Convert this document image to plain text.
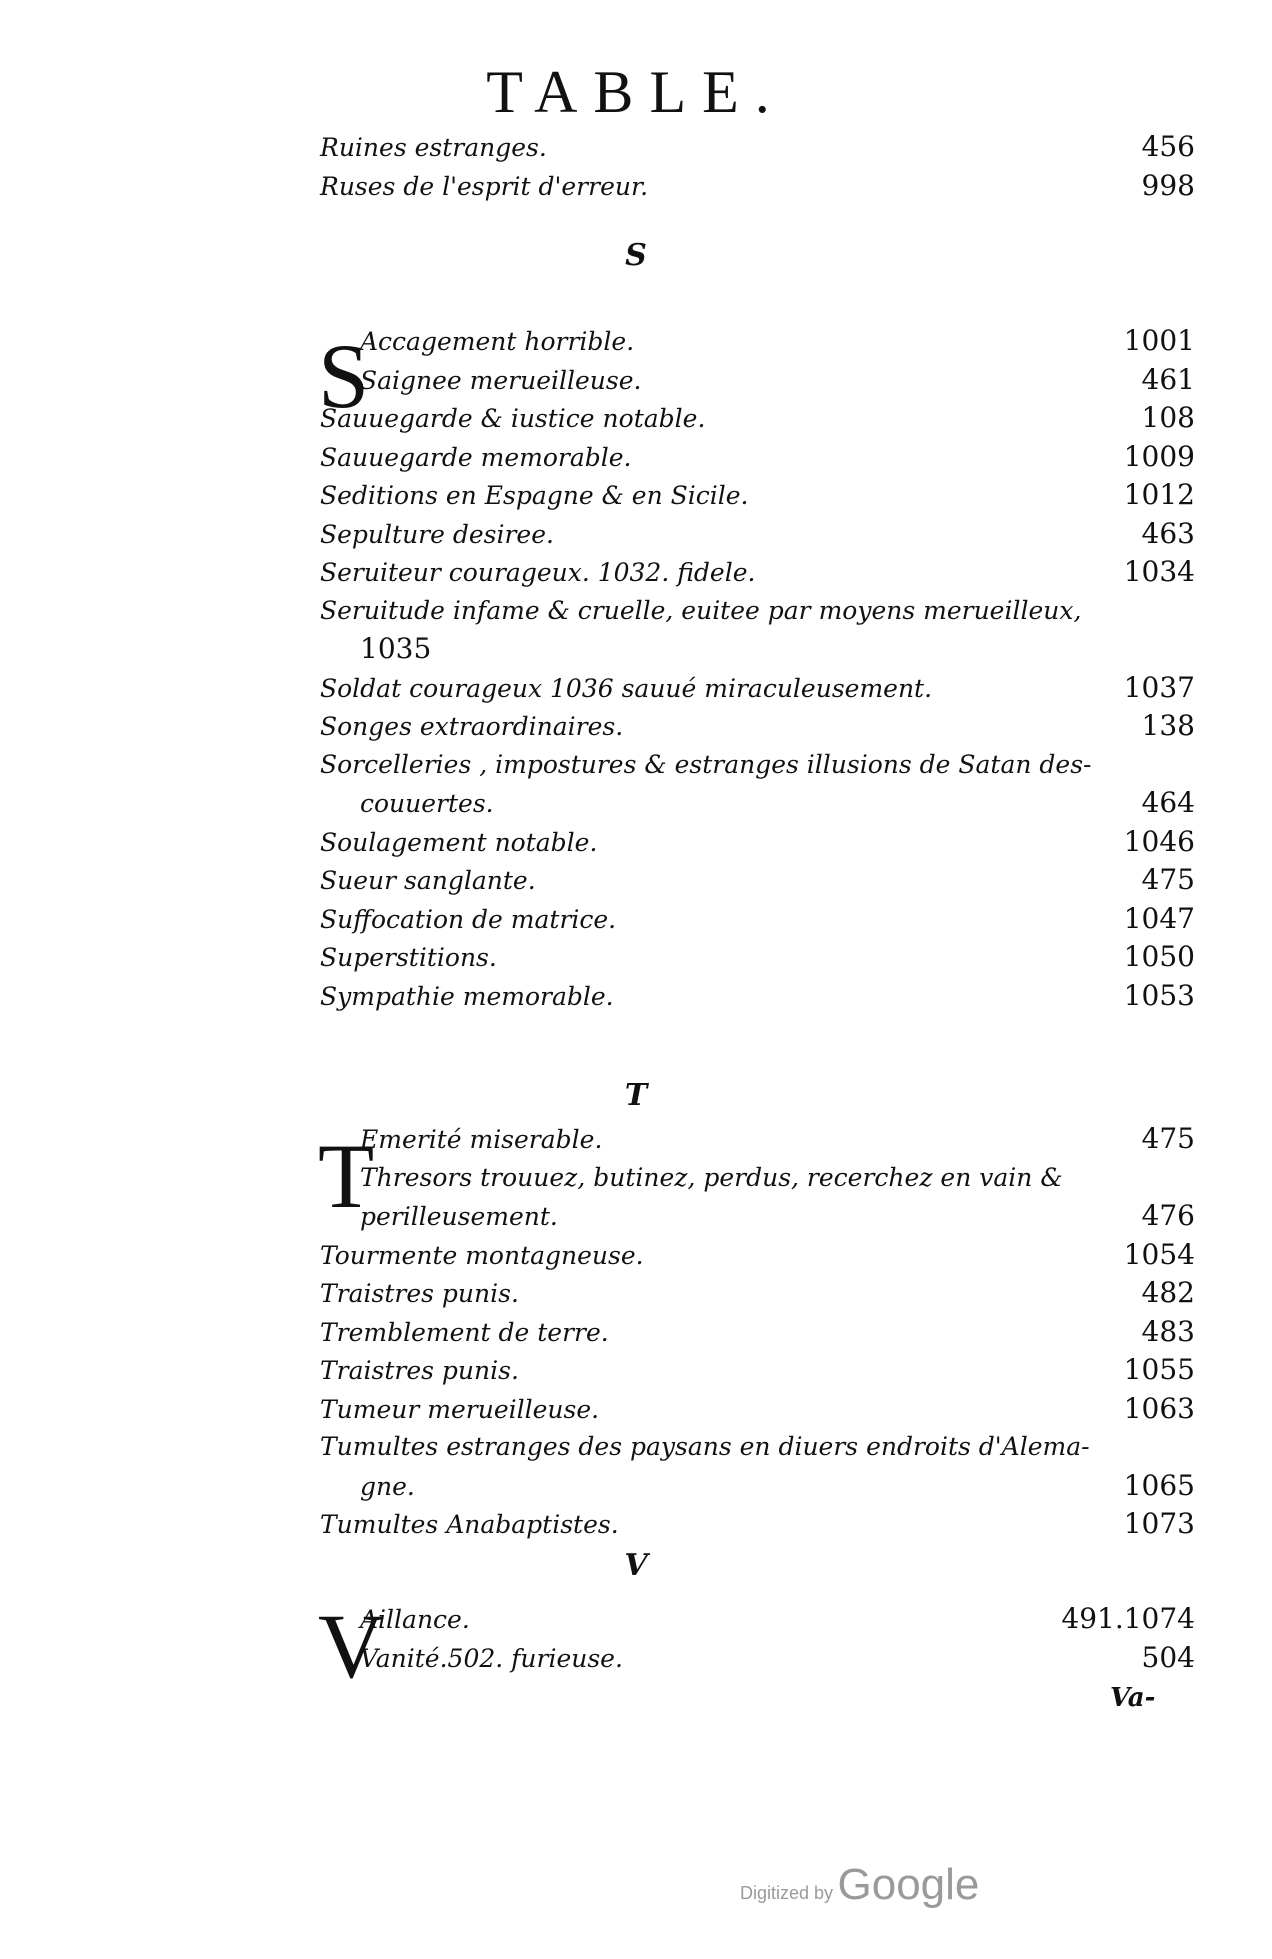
TABLE.
Ruines estranges.	456
Ruses de l'esprit d'erreur.	998
S
S
Accagement horrible.	1001
Saignee merueilleuse.	461
Sauuegarde & iustice notable.	108
Sauuegarde memorable.	1009
Seditions en Espagne & en Sicile.	1012
Sepulture desiree.	463
Seruiteur courageux. 1032. fidele.	1034
Seruitude infame & cruelle, euitee par moyens merueilleux,
1035
Soldat courageux 1036 sauué miraculeusement.	1037
Songes extraordinaires.	138
Sorcelleries , impostures & estranges illusions de Satan des-
couuertes.	464
Soulagement notable.	1046
Sueur sanglante.	475
Suffocation de matrice.	1047
Superstitions.	1050
Sympathie memorable.	1053
T
T
Emerité miserable.	475
Thresors trouuez, butinez, perdus, recerchez en vain &
perilleusement.	476
Tourmente montagneuse.	1054
Traistres punis.	482
Tremblement de terre.	483
Traistres punis.	1055
Tumeur merueilleuse.	1063
Tumultes estranges des paysans en diuers endroits d'Alema-
gne.	1065
Tumultes Anabaptistes.	1073
V
V
Aillance.	491.1074
Vanité.502. furieuse.	504
Va-
Digitized by Google
